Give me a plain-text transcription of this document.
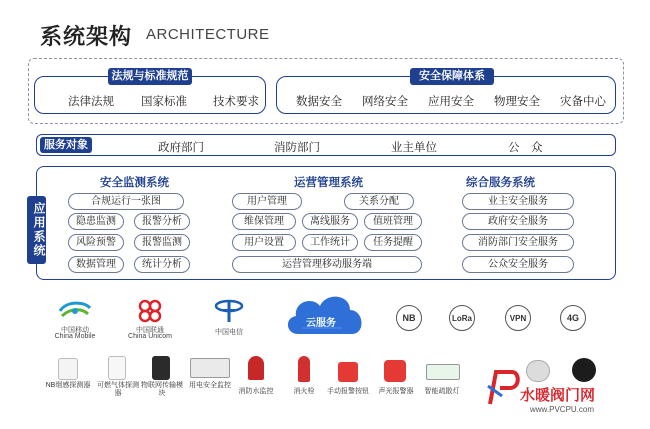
系统架构 ARCHITECTURE
法规与标准规范
法律法规 国家标准 技术要求
安全保障体系
数据安全 网络安全 应用安全 物理安全 灾备中心
服务对象	政府部门	消防部门	业主单位	公　众
应用系统
安全监测系统
合规运行一张图
隐患监测	报警分析
风险预警	报警监测
数据管理	统计分析
运营管理系统
用户管理	关系分配
维保管理	离线服务	值班管理
用户设置	工作统计	任务提醒
运营管理移动服务端
综合服务系统
业主安全服务
政府安全服务
消防部门安全服务
公众安全服务
中国移动
China Mobile
中国联通
China Unicom
中国电信
云服务	NB	LoRa	VPN	4G
NB烟感探测器 可燃气体探测器
物联网传输模块
用电安全监控
消防水监控	消火栓	手动报警按钮	声光报警器	智能疏散灯	水暖阀门网
www.PVCPU.com
